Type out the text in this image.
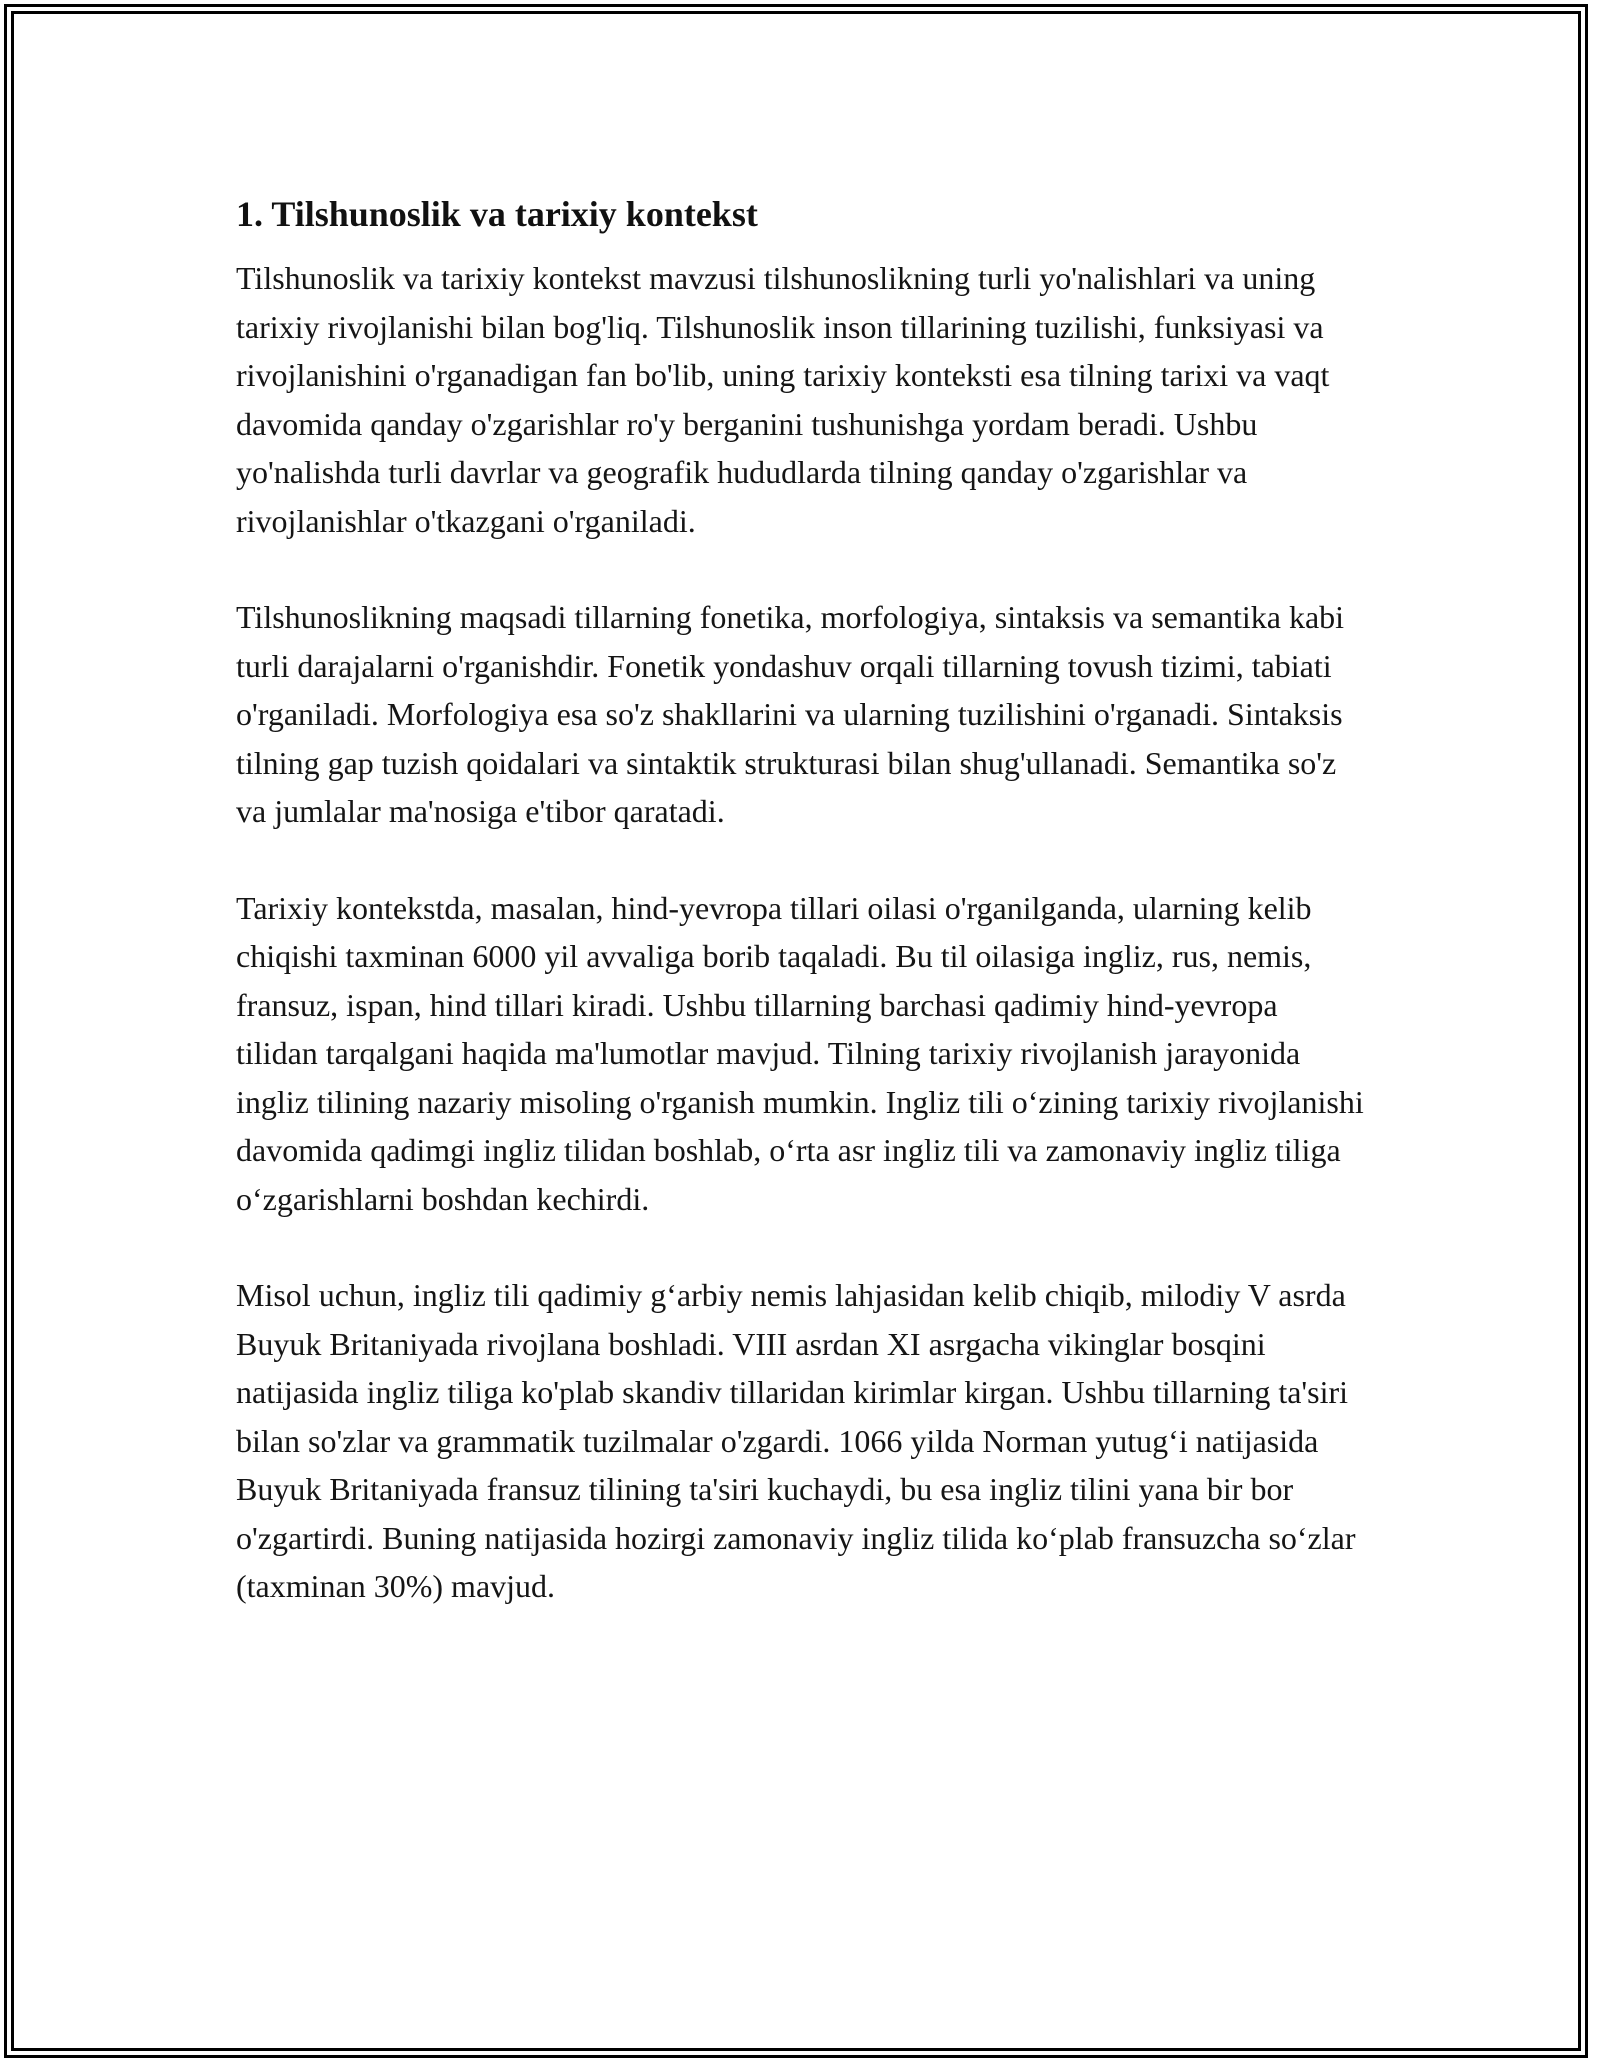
1. Tilshunoslik va tarixiy kontekst

Tilshunoslik va tarixiy kontekst mavzusi tilshunoslikning turli yo'nalishlari va uning tarixiy rivojlanishi bilan bog'liq. Tilshunoslik inson tillarining tuzilishi, funksiyasi va rivojlanishini o'rganadigan fan bo'lib, uning tarixiy konteksti esa tilning tarixi va vaqt davomida qanday o'zgarishlar ro'y berganini tushunishga yordam beradi. Ushbu yo'nalishda turli davrlar va geografik hududlarda tilning qanday o'zgarishlar va rivojlanishlar o'tkazgani o'rganiladi.

Tilshunoslikning maqsadi tillarning fonetika, morfologiya, sintaksis va semantika kabi turli darajalarni o'rganishdir. Fonetik yondashuv orqali tillarning tovush tizimi, tabiati o'rganiladi. Morfologiya esa so'z shakllarini va ularning tuzilishini o'rganadi. Sintaksis tilning gap tuzish qoidalari va sintaktik strukturasi bilan shug'ullanadi. Semantika so'z va jumlalar ma'nosiga e'tibor qaratadi.

Tarixiy kontekstda, masalan, hind-yevropa tillari oilasi o'rganilganda, ularning kelib chiqishi taxminan 6000 yil avvaliga borib taqaladi. Bu til oilasiga ingliz, rus, nemis, fransuz, ispan, hind tillari kiradi. Ushbu tillarning barchasi qadimiy hind-yevropa tilidan tarqalgani haqida ma'lumotlar mavjud. Tilning tarixiy rivojlanish jarayonida ingliz tilining nazariy misoling o'rganish mumkin. Ingliz tili o‘zining tarixiy rivojlanishi davomida qadimgi ingliz tilidan boshlab, o‘rta asr ingliz tili va zamonaviy ingliz tiliga o‘zgarishlarni boshdan kechirdi.

Misol uchun, ingliz tili qadimiy g‘arbiy nemis lahjasidan kelib chiqib, milodiy V asrda Buyuk Britaniyada rivojlana boshladi. VIII asrdan XI asrgacha vikinglar bosqini natijasida ingliz tiliga ko'plab skandiv tillaridan kirimlar kirgan. Ushbu tillarning ta'siri bilan so'zlar va grammatik tuzilmalar o'zgardi. 1066 yilda Norman yutug‘i natijasida Buyuk Britaniyada fransuz tilining ta'siri kuchaydi, bu esa ingliz tilini yana bir bor o'zgartirdi. Buning natijasida hozirgi zamonaviy ingliz tilida ko‘plab fransuzcha so‘zlar (taxminan 30%) mavjud.
